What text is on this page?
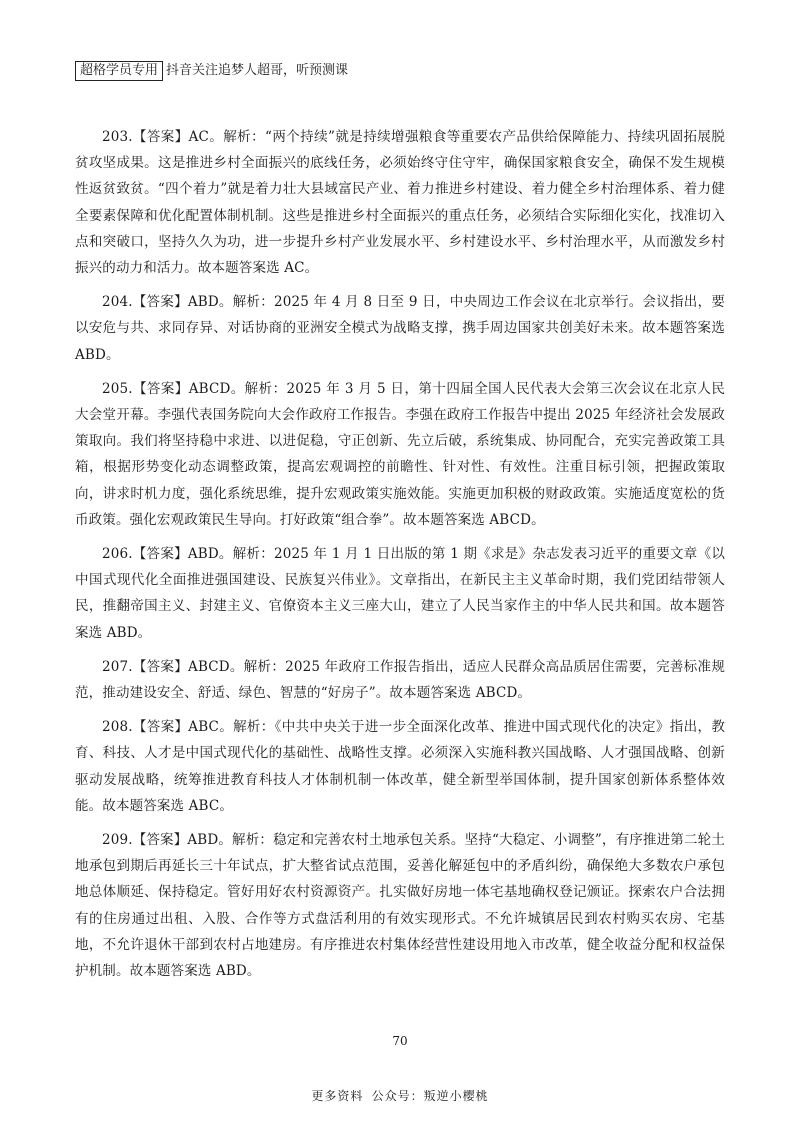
超格学员专用 抖音关注追梦人超哥，听预测课

203.【答案】AC。解析：“两个持续”就是持续增强粮食等重要农产品供给保障能力、持续巩固拓展脱贫攻坚成果。这是推进乡村全面振兴的底线任务，必须始终守住守牢，确保国家粮食安全，确保不发生规模性返贫致贫。“四个着力”就是着力壮大县域富民产业、着力推进乡村建设、着力健全乡村治理体系、着力健全要素保障和优化配置体制机制。这些是推进乡村全面振兴的重点任务，必须结合实际细化实化，找准切入点和突破口，坚持久久为功，进一步提升乡村产业发展水平、乡村建设水平、乡村治理水平，从而激发乡村振兴的动力和活力。故本题答案选 AC。

204.【答案】ABD。解析：2025 年 4 月 8 日至 9 日，中央周边工作会议在北京举行。会议指出，要以安危与共、求同存异、对话协商的亚洲安全模式为战略支撑，携手周边国家共创美好未来。故本题答案选 ABD。

205.【答案】ABCD。解析：2025 年 3 月 5 日，第十四届全国人民代表大会第三次会议在北京人民大会堂开幕。李强代表国务院向大会作政府工作报告。李强在政府工作报告中提出 2025 年经济社会发展政策取向。我们将坚持稳中求进、以进促稳，守正创新、先立后破，系统集成、协同配合，充实完善政策工具箱，根据形势变化动态调整政策，提高宏观调控的前瞻性、针对性、有效性。注重目标引领，把握政策取向，讲求时机力度，强化系统思维，提升宏观政策实施效能。实施更加积极的财政政策。实施适度宽松的货币政策。强化宏观政策民生导向。打好政策“组合拳”。故本题答案选 ABCD。

206.【答案】ABD。解析：2025 年 1 月 1 日出版的第 1 期《求是》杂志发表习近平的重要文章《以中国式现代化全面推进强国建设、民族复兴伟业》。文章指出，在新民主主义革命时期，我们党团结带领人民，推翻帝国主义、封建主义、官僚资本主义三座大山，建立了人民当家作主的中华人民共和国。故本题答案选 ABD。

207.【答案】ABCD。解析：2025 年政府工作报告指出，适应人民群众高品质居住需要，完善标准规范，推动建设安全、舒适、绿色、智慧的“好房子”。故本题答案选 ABCD。

208.【答案】ABC。解析：《中共中央关于进一步全面深化改革、推进中国式现代化的决定》指出，教育、科技、人才是中国式现代化的基础性、战略性支撑。必须深入实施科教兴国战略、人才强国战略、创新驱动发展战略，统筹推进教育科技人才体制机制一体改革，健全新型举国体制，提升国家创新体系整体效能。故本题答案选 ABC。

209.【答案】ABD。解析：稳定和完善农村土地承包关系。坚持“大稳定、小调整”，有序推进第二轮土地承包到期后再延长三十年试点，扩大整省试点范围，妥善化解延包中的矛盾纠纷，确保绝大多数农户承包地总体顺延、保持稳定。管好用好农村资源资产。扎实做好房地一体宅基地确权登记颁证。探索农户合法拥有的住房通过出租、入股、合作等方式盘活利用的有效实现形式。不允许城镇居民到农村购买农房、宅基地，不允许退休干部到农村占地建房。有序推进农村集体经营性建设用地入市改革，健全收益分配和权益保护机制。故本题答案选 ABD。

70
更多资料 公众号：叛逆小樱桃
